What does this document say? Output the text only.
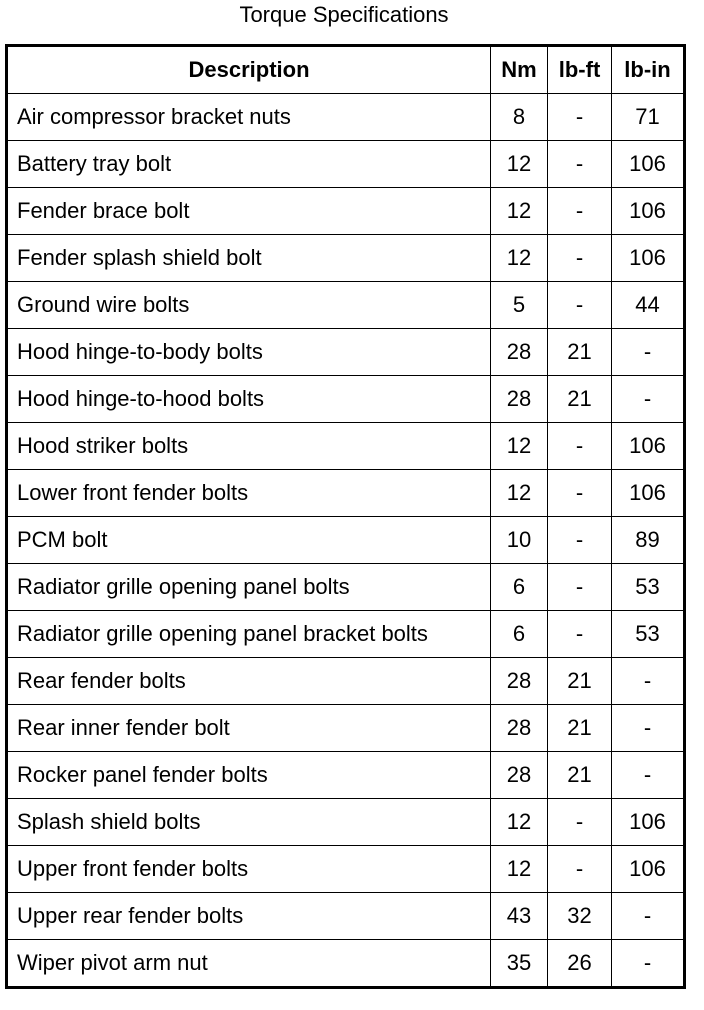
Torque Specifications
Description	Nm	lb-ft	lb-in
Air compressor bracket nuts	8	-	71
Battery tray bolt	12	-	106
Fender brace bolt	12	-	106
Fender splash shield bolt	12	-	106
Ground wire bolts	5	-	44
Hood hinge-to-body bolts	28	21	-
Hood hinge-to-hood bolts	28	21	-
Hood striker bolts	12	-	106
Lower front fender bolts	12	-	106
PCM bolt	10	-	89
Radiator grille opening panel bolts	6	-	53
Radiator grille opening panel bracket bolts	6	-	53
Rear fender bolts	28	21	-
Rear inner fender bolt	28	21	-
Rocker panel fender bolts	28	21	-
Splash shield bolts	12	-	106
Upper front fender bolts	12	-	106
Upper rear fender bolts	43	32	-
Wiper pivot arm nut	35	26	-
